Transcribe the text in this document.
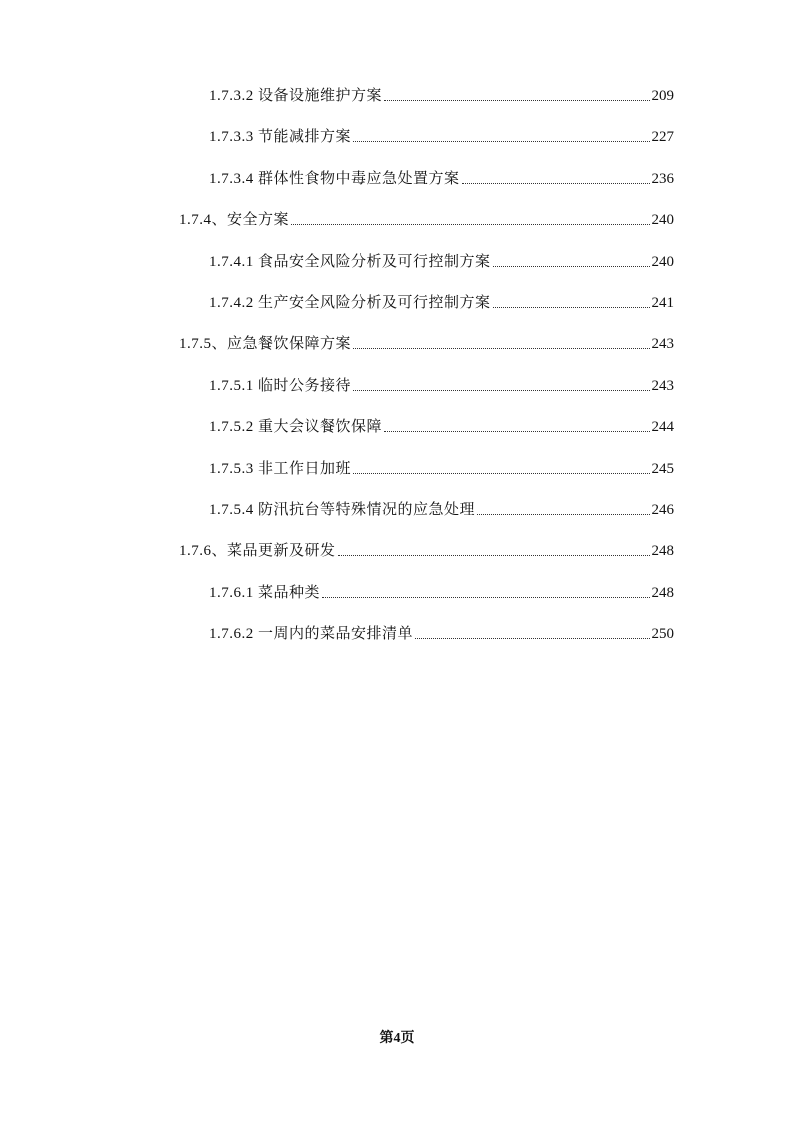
1.7.3.2 设备设施维护方案	209
1.7.3.3 节能减排方案	227
1.7.3.4 群体性食物中毒应急处置方案	236
1.7.4、安全方案	240
1.7.4.1 食品安全风险分析及可行控制方案	240
1.7.4.2 生产安全风险分析及可行控制方案	241
1.7.5、应急餐饮保障方案	243
1.7.5.1 临时公务接待	243
1.7.5.2 重大会议餐饮保障	244
1.7.5.3 非工作日加班	245
1.7.5.4 防汛抗台等特殊情况的应急处理	246
1.7.6、菜品更新及研发	248
1.7.6.1 菜品种类	248
1.7.6.2 一周内的菜品安排清单	250
第4页
